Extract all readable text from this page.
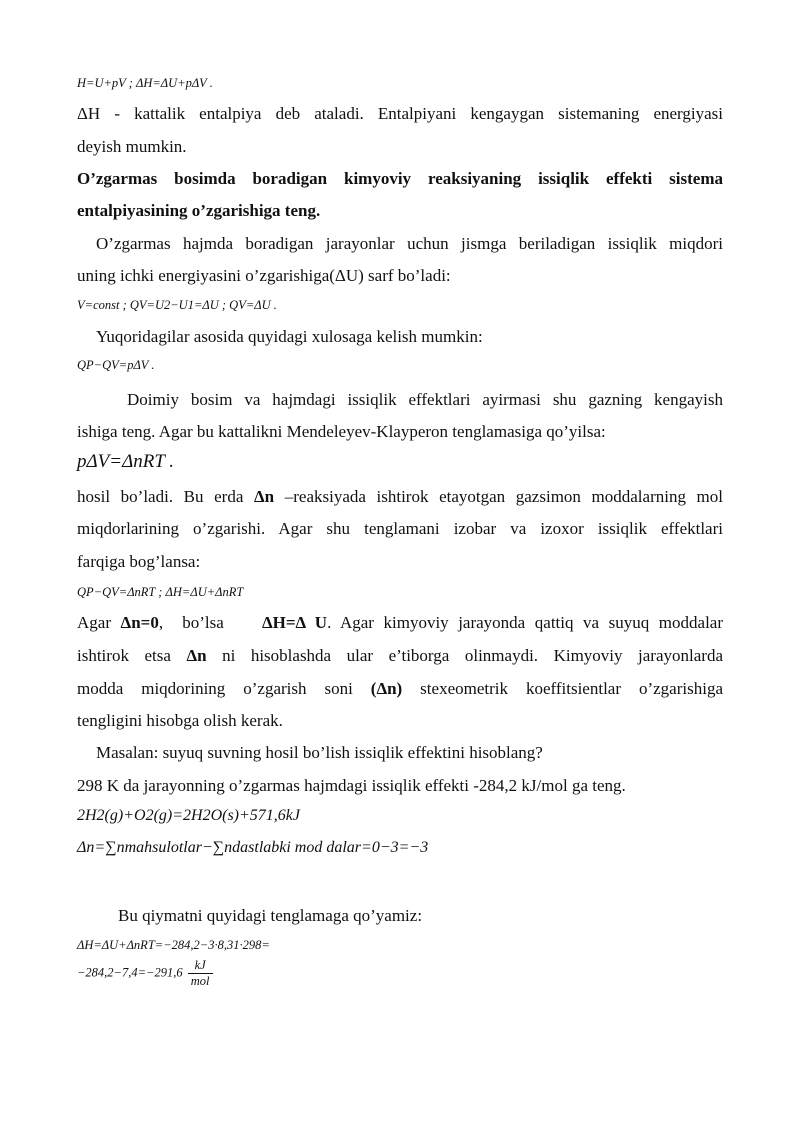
H=U+pV ; ΔH=ΔU+pΔV .
ΔH - kattalik entalpiya deb ataladi. Entalpiyani kengaygan sistemaning energiyasi
deyish mumkin.
O’zgarmas bosimda boradigan kimyoviy reaksiyaning issiqlik effekti sistema
entalpiyasining o’zgarishiga teng.
O’zgarmas hajmda boradigan jarayonlar uchun jismga beriladigan issiqlik miqdori
uning ichki energiyasini o’zgarishiga(ΔU) sarf bo’ladi:
V=const ; QV=U2−U1=ΔU ; QV=ΔU .
Yuqoridagilar asosida quyidagi xulosaga kelish mumkin:
QP−QV=pΔV .
Doimiy bosim va hajmdagi issiqlik effektlari ayirmasi shu gazning kengayish
ishiga teng. Agar bu kattalikni Mendeleyev-Klayperon tenglamasiga qo’yilsa:
pΔV=ΔnRT .
hosil bo’ladi. Bu erda Δn –reaksiyada ishtirok etayotgan gazsimon moddalarning mol
miqdorlarining o’zgarishi. Agar shu tenglamani izobar va izoxor issiqlik effektlari
farqiga bog’lansa:
QP−QV=ΔnRT ; ΔH=ΔU+ΔnRT
Agar Δn=0,  bo’lsa    ΔH=Δ U. Agar kimyoviy jarayonda qattiq va suyuq moddalar
ishtirok etsa Δn ni hisoblashda ular e’tiborga olinmaydi. Kimyoviy jarayonlarda
modda miqdorining o’zgarish soni (Δn) stexeometrik koeffitsientlar o’zgarishiga
tengligini hisobga olish kerak.
Masalan: suyuq suvning hosil bo’lish issiqlik effektini hisoblang?
298 K da jarayonning o’zgarmas hajmdagi issiqlik effekti -284,2 kJ/mol ga teng.
2H2(g)+O2(g)=2H2O(s)+571,6kJ
Δn=∑nmahsulotlar−∑ndastlabki mod dalar=0−3=−3
Bu qiymatni quyidagi tenglamaga qo’yamiz:
ΔH=ΔU+ΔnRT=−284,2−3·8,31·298=
$-284,2-7,4=-291,6 \frac{kJ}{\text{mol}}$
